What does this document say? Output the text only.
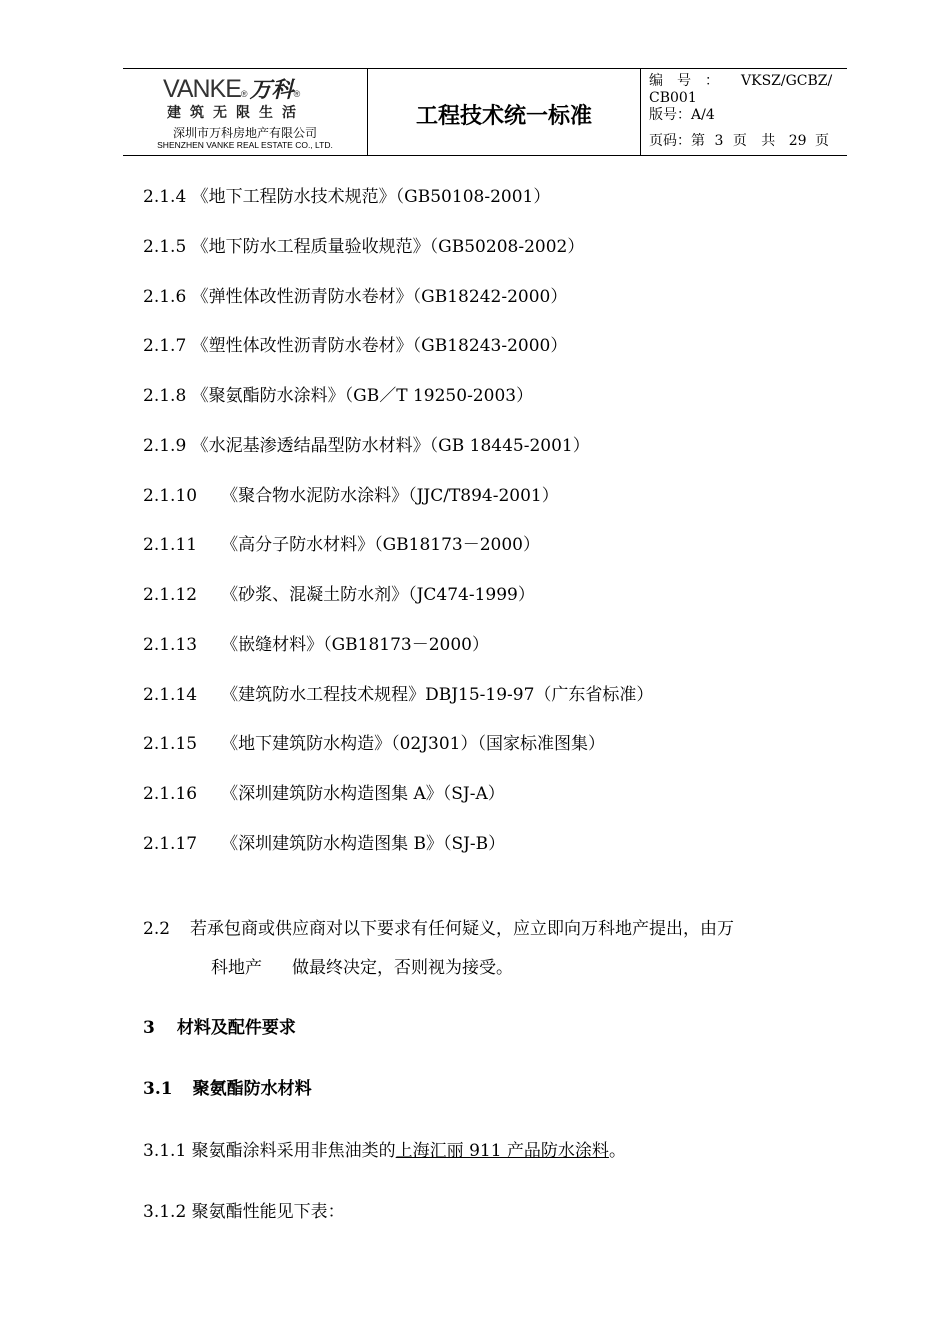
VANKE ® 万科 ®
建筑无限生活
深圳市万科房地产有限公司
SHENZHEN VANKE REAL ESTATE CO., LTD.
工程技术统一标准
编号： VKSZ/GCBZ/
CB001
版号：A/4
页码：第 3 页 共 29 页
2.1.4 《地下工程防水技术规范》（GB50108-2001）
2.1.5 《地下防水工程质量验收规范》（GB50208-2002）
2.1.6 《弹性体改性沥青防水卷材》（GB18242-2000）
2.1.7 《塑性体改性沥青防水卷材》（GB18243-2000）
2.1.8 《聚氨酯防水涂料》（GB／T 19250-2003）
2.1.9 《水泥基渗透结晶型防水材料》（GB 18445-2001）
2.1.10 《聚合物水泥防水涂料》（JJC/T894-2001）
2.1.11 《高分子防水材料》（GB18173－2000）
2.1.12 《砂浆、混凝土防水剂》（JC474-1999）
2.1.13 《嵌缝材料》（GB18173－2000）
2.1.14 《建筑防水工程技术规程》DBJ15-19-97（广东省标准）
2.1.15 《地下建筑防水构造》（02J301）（国家标准图集）
2.1.16 《深圳建筑防水构造图集 A》（SJ-A）
2.1.17 《深圳建筑防水构造图集 B》（SJ-B）
2.2 若承包商或供应商对以下要求有任何疑义，应立即向万科地产提出，由万
科地产 做最终决定，否则视为接受。
3 材料及配件要求
3.1 聚氨酯防水材料
3.1.1 聚氨酯涂料采用非焦油类的上海汇丽 911 产品防水涂料。
3.1.2 聚氨酯性能见下表：
